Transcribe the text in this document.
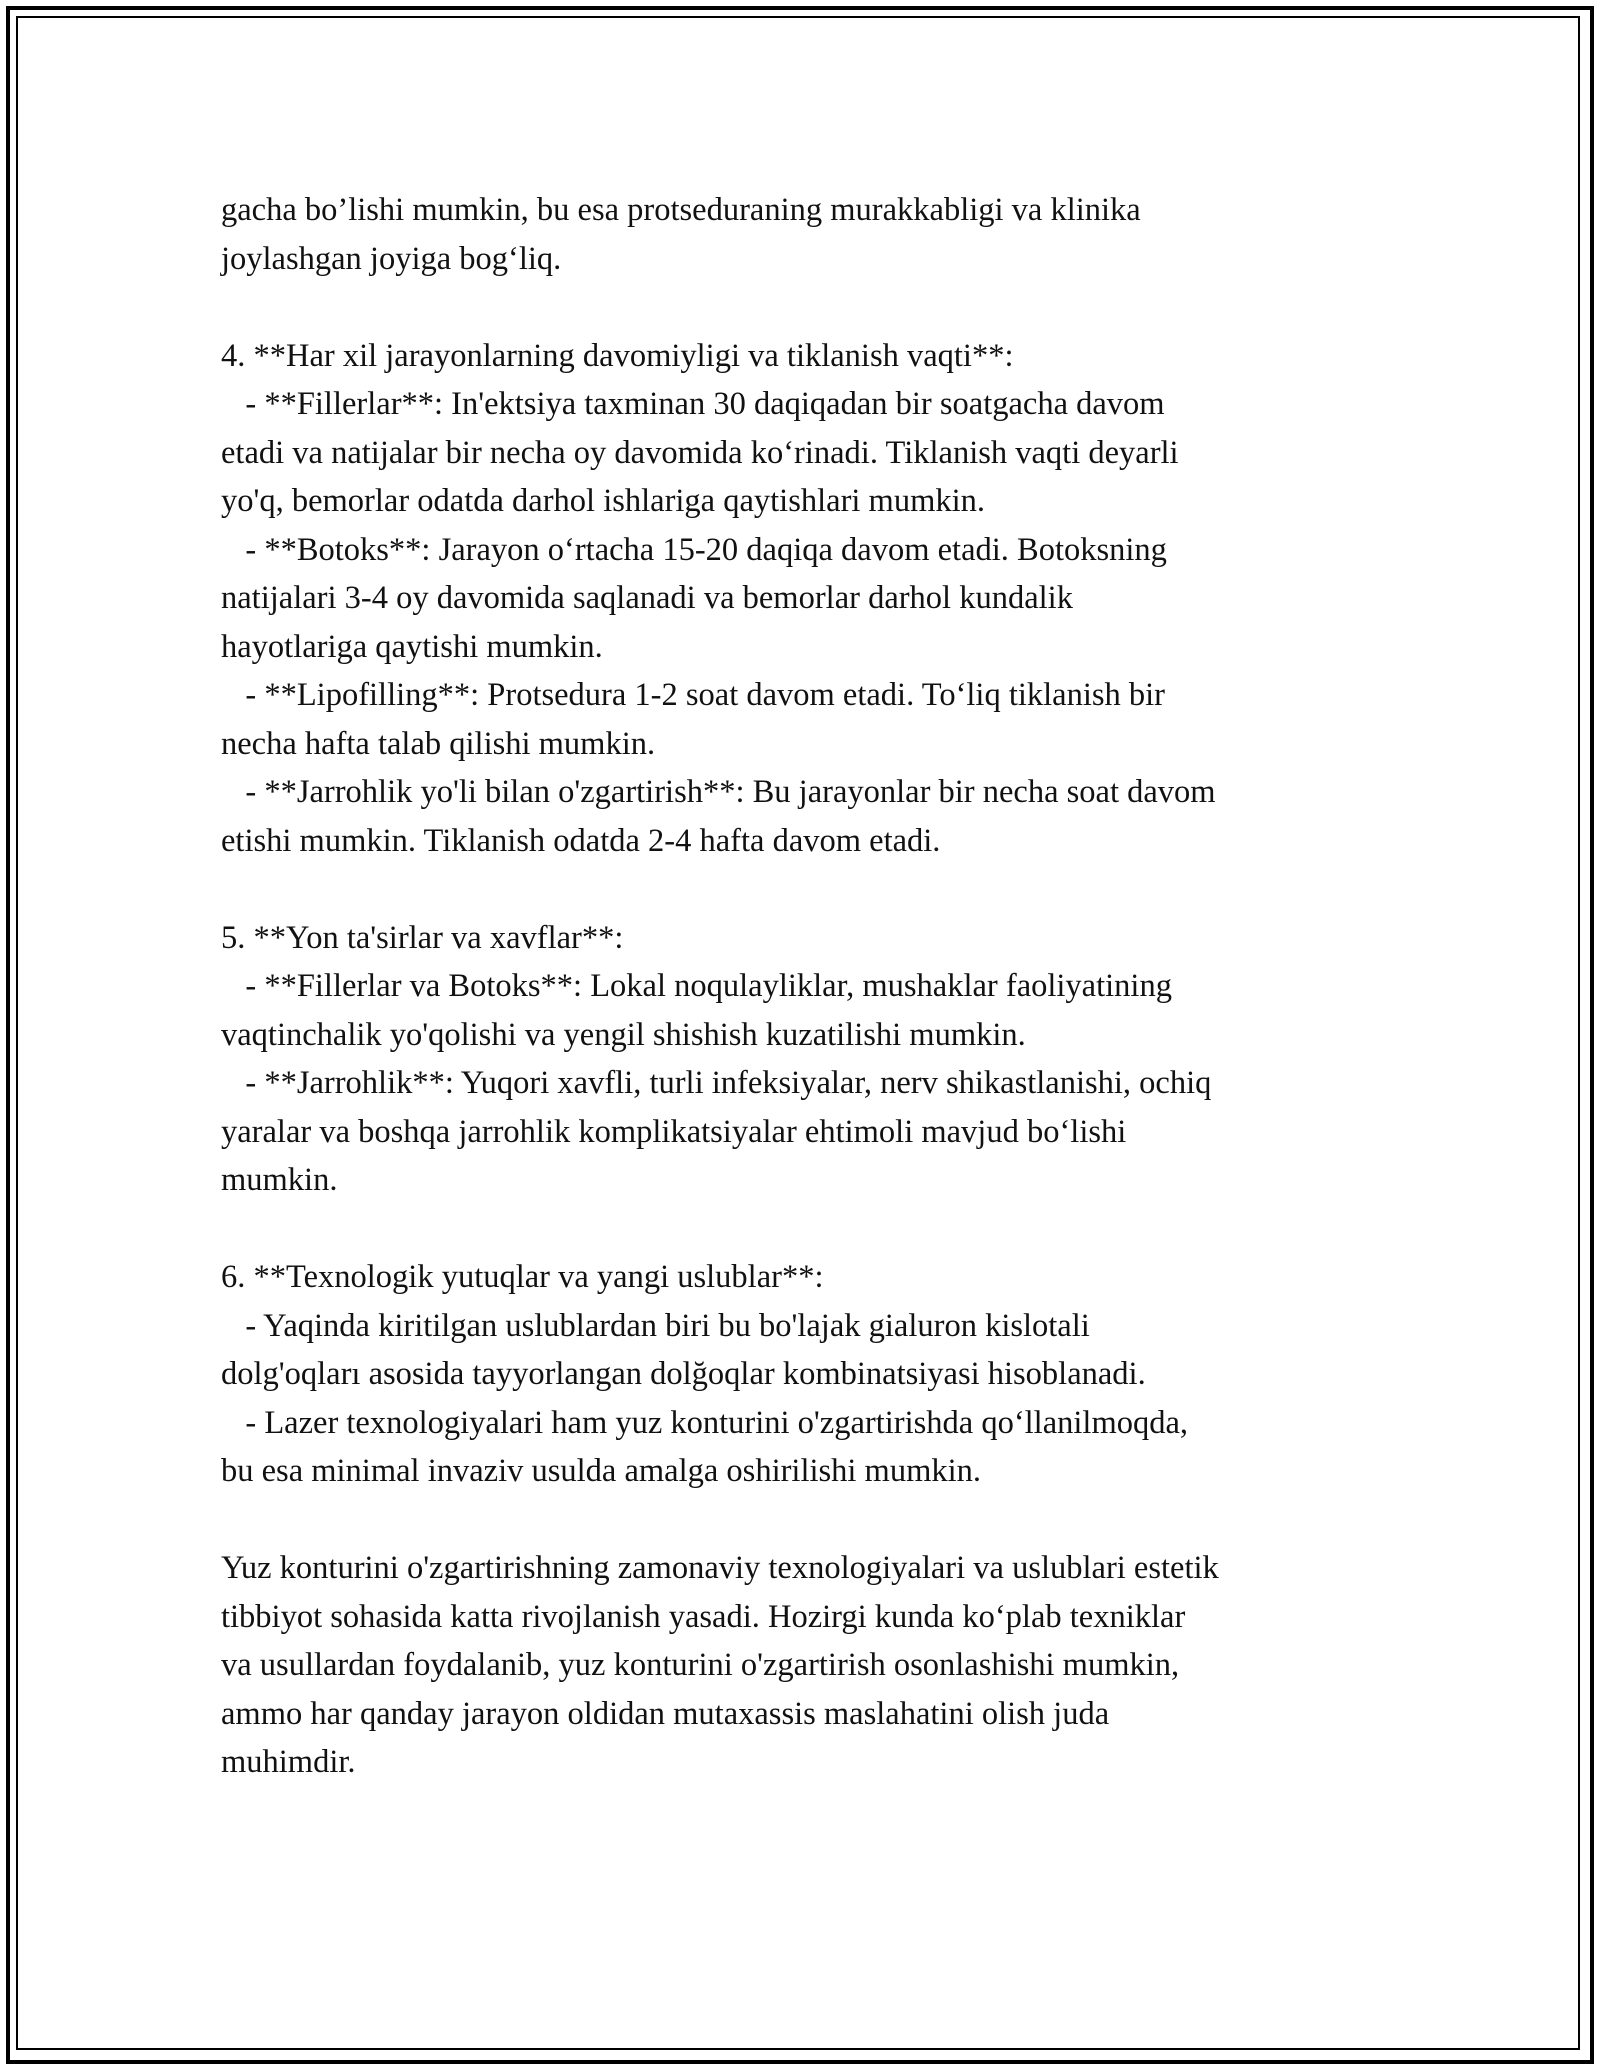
gacha bo’lishi mumkin, bu esa protseduraning murakkabligi va klinika
joylashgan joyiga bog‘liq.

4. **Har xil jarayonlarning davomiyligi va tiklanish vaqti**:

- **Fillerlar**: In'ektsiya taxminan 30 daqiqadan bir soatgacha davom
etadi va natijalar bir necha oy davomida ko‘rinadi. Tiklanish vaqti deyarli
yo'q, bemorlar odatda darhol ishlariga qaytishlari mumkin.

- **Botoks**: Jarayon o‘rtacha 15-20 daqiqa davom etadi. Botoksning
natijalari 3-4 oy davomida saqlanadi va bemorlar darhol kundalik
hayotlariga qaytishi mumkin.

- **Lipofilling**: Protsedura 1-2 soat davom etadi. To‘liq tiklanish bir
necha hafta talab qilishi mumkin.

- **Jarrohlik yo'li bilan o'zgartirish**: Bu jarayonlar bir necha soat davom
etishi mumkin. Tiklanish odatda 2-4 hafta davom etadi.

5. **Yon ta'sirlar va xavflar**:

- **Fillerlar va Botoks**: Lokal noqulayliklar, mushaklar faoliyatining
vaqtinchalik yo'qolishi va yengil shishish kuzatilishi mumkin.

- **Jarrohlik**: Yuqori xavfli, turli infeksiyalar, nerv shikastlanishi, ochiq
yaralar va boshqa jarrohlik komplikatsiyalar ehtimoli mavjud bo‘lishi
mumkin.

6. **Texnologik yutuqlar va yangi uslublar**:

- Yaqinda kiritilgan uslublardan biri bu bo'lajak gialuron kislotali
dolg'oqları asosida tayyorlangan dolğoqlar kombinatsiyasi hisoblanadi.

- Lazer texnologiyalari ham yuz konturini o'zgartirishda qo‘llanilmoqda,
bu esa minimal invaziv usulda amalga oshirilishi mumkin.

Yuz konturini o'zgartirishning zamonaviy texnologiyalari va uslublari estetik
tibbiyot sohasida katta rivojlanish yasadi. Hozirgi kunda ko‘plab texniklar
va usullardan foydalanib, yuz konturini o'zgartirish osonlashishi mumkin,
ammo har qanday jarayon oldidan mutaxassis maslahatini olish juda
muhimdir.
